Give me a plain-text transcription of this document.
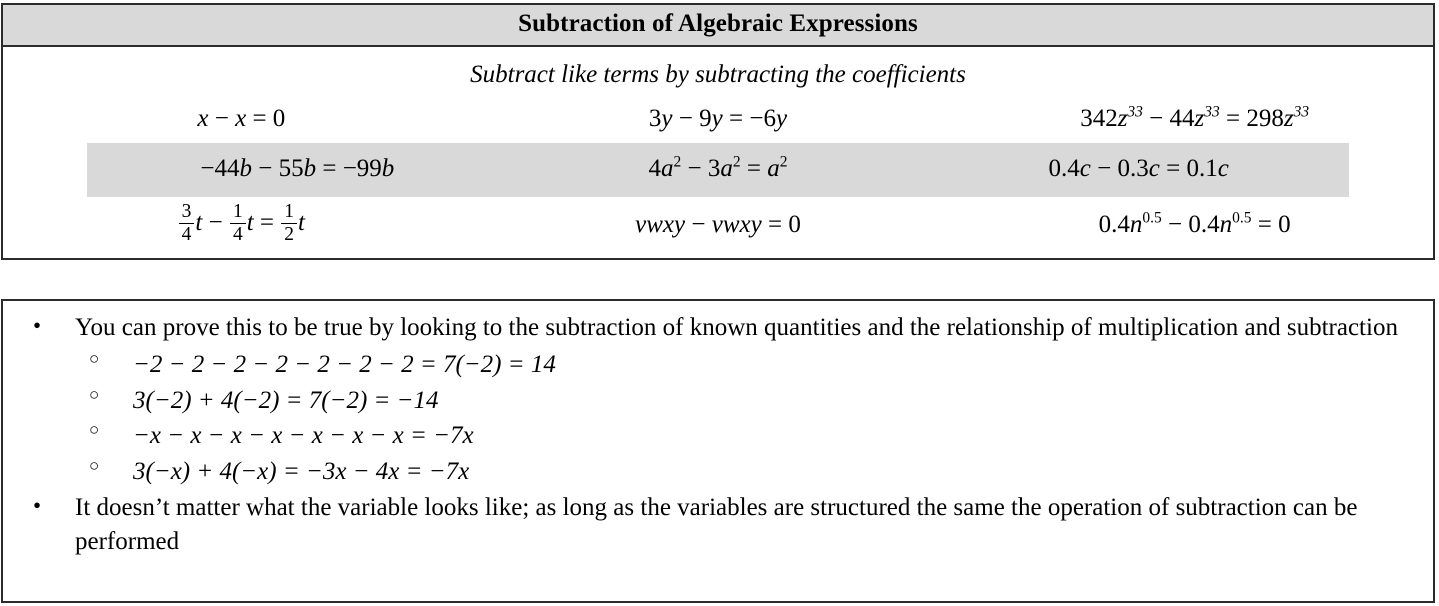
Subtraction of Algebraic Expressions
Subtract like terms by subtracting the coefficients
x − x = 0	3y − 9y = −6y	$342z^{33} - 44z^{33} = 298z^{33}$
−44b − 55b = −99b	$4a^2 - 3a^2 = a^2$	0.4c − 0.3c = 0.1c
$\frac{3}{4}$ $t - \frac{1}{4}$ $t = \frac{1}{2}$ t	vwxy − vwxy = 0	$0.4n^{0.5} - 0.4n^{0.5} = 0$
• You can prove this to be true by looking to the subtraction of known quantities and the relationship of multiplication and subtraction
○ −2 − 2 − 2 − 2 − 2 − 2 − 2 = 7(−2) = 14
○ 3(−2) + 4(−2) = 7(−2) = −14
○ −x − x − x − x − x − x − x = −7x
○ 3(−x) + 4(−x) = −3x − 4x = −7x
• It doesn’t matter what the variable looks like; as long as the variables are structured the same the operation of subtraction can be performed
